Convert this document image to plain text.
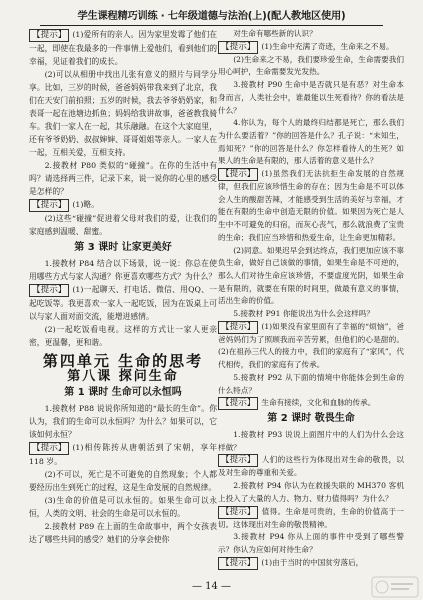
学生课程精巧训练 · 七年级道德与法治(上)(配人教地区使用)
【提示】 (1)爱所有的亲人。因为家里发霉了他们在一起，即使在我最多的一件事情上爱他们，看到他们的幸福，见证着我们的成长。
(2)可以从相册中找出儿张有意义的照片与同学分享。比如，三岁的时候，爸爸妈妈带我来到了北京，我们在天安门前拍照；五岁的时候，我去爷爷奶奶家，和表哥一起在池塘边抓鱼；妈妈给我讲故事，爸爸教我骑车。我们一家人在一起，其乐融融。在这个大家庭里，还有爷爷奶奶、叔叔婶婶、哥哥姐姐等亲人。一家人在一起，互相关爱，互相支持。
2.接教材 P80 类似的“碰撞”。在你的生活中有吗？请选择两三件，记录下来，说一说你的心里的感受是怎样的？
【提示】 (1)略。
(2)这些“碰撞”促进着父母对我们的爱，让我们的家庭感到温暖、甜蜜。
第 3 课时 让家更美好
1.接教材 P84 结合以下场景，说一说：你总在使用哪些方式与家人沟通？你更喜欢哪些方式？为什么？
【提示】 (1)一起聊天、打电话、微信、用QQ、一起吃饭等。我更喜欢一家人一起吃饭，因为在饭桌上可以与家人面对面交流，能增进感情。
(2)一起吃饭看电视。这样的方式让一家人更亲密，更温馨，更和谐。
第四单元 生命的思考
第八课 探问生命
第 1 课时 生命可以永恒吗
1.接教材 P88 说说你所知道的“最长的生命”。你认为，我们的生命可以永恒吗？为什么？如果可以，它该如何永恒？
【提示】 (1)相传陈抟从唐朝活到了宋朝，享年 118 岁。
(2)不可以，死亡是不可避免的自然现象；个人都要经历出生到死亡的过程，这是生命发展的自然规律。
(3)生命的价值是可以永恒的。如果生命可以永恒，人类的文明、社会的生命是可以永恒的。
2.接教材 P89 在上面的生命故事中，两个女孩表达了哪些共同的感受？她们的分享会使你
对生命有哪些新的认识？
【提示】 (1)生命中充满了奇迹，生命来之不易。
(2)生命来之不易，我们要珍爱生命，生命需要我们用心呵护，生命需要发光发热。
3.接教材 P90 生命中是否就只是有恶？对生命本身而言，人类社会中，谁最能以生死看待？你的看法是什么？
4.你认为，每个人的最终归结都是死亡，那么我们为什么要活着？”你的回答是什么？孔子说：“未知生，焉知死？”你的回答是什么？你怎样看待人的生死？如果人的生命是有限的，那人活着的意义是什么？
【提示】 (1)虽然我们无法抗拒生命发展的自然规律，但我们应该珍惜生命的存在；因为生命是不可以体会人生的酸甜苦辣，才能感受到生活的美好与幸福，才能在有限的生命中创造无限的价值。如果因为死亡是人生中不可避免的归宿，而灰心丧气，那么就浪费了宝贵的生命；我们应当珍惜和热爱生命，让生命更加精彩。
(2)同意。如果迟早会到达终点，我们更加应该不辜负生命，做好自己该做的事情，如果生命是不可逆的，那么人们对待生命应该珍惜，不要虚度光阴，如果生命是有限的，就要在有限的时间里，做最有意义的事情，活出生命的价值。
5.接教材 P91 你能说出为什么会这样吗？
【提示】 (1)如果没有家里面有了幸福的“烦恼”，爸爸妈妈们为了照顾我而辛苦劳累，但他们的心是甜的。(2)在祖孙三代人的接力中，我们的家庭有了“家风”，代代相传，我们的家庭有了传承。
5.接教材 P92 从下面的情境中你能体会到生命的什么特点？
【提示】 生命有接续，文化和血脉的传承。
第 2 课时 敬畏生命
1.接教材 P93 说说上面图片中的人们为什么会这样做？
【提示】 人们的这些行为体现出对生命的敬畏，以及对生命的尊重和关爱。
2.接教材 P94 你认为在救援失联的 MH370 客机上投入了大量的人力、物力、财力值得吗？为什么？
【提示】 值得。生命是可贵的，生命的价值高于一切。这体现出对生命的敬畏精神。
3.接教材 P94 你从上面的事件中受到了哪些警示？你认为应如何对待生命？
【提示】 (1)由于当时的中国贫穷落后，
— 14 —
